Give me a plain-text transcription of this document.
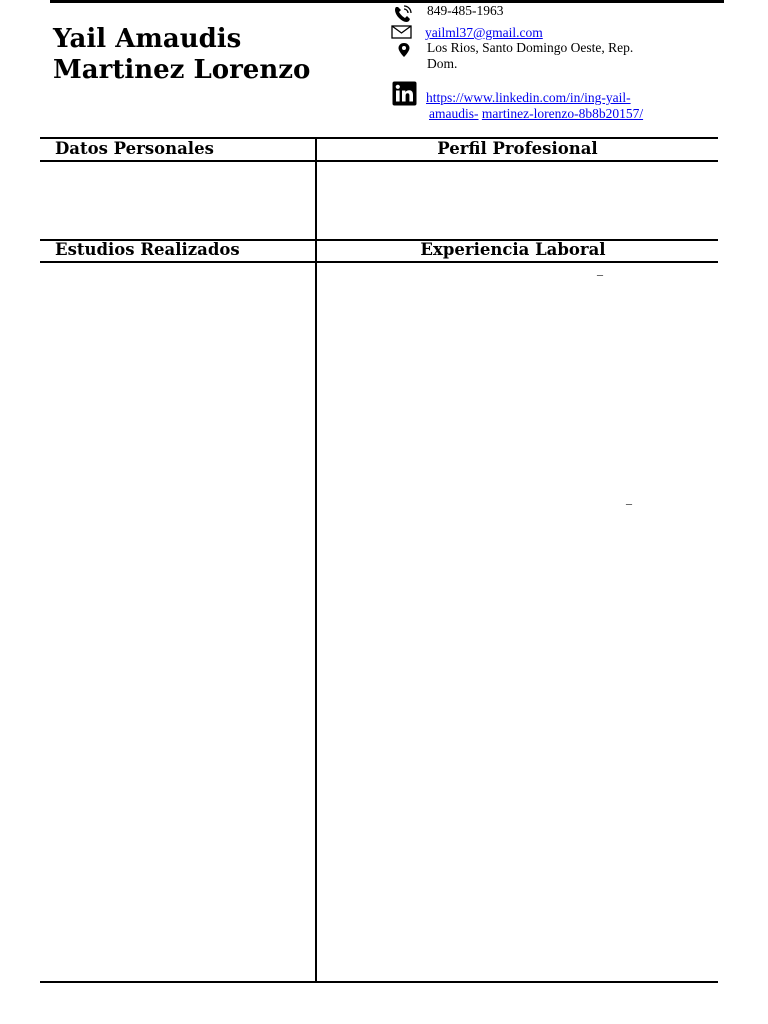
Yail Amaudis
Martinez Lorenzo
849-485-1963
yailml37@gmail.com
Los Rios, Santo Domingo Oeste, Rep.
Dom.
https://www.linkedin.com/in/ing-yail-
amaudis- martinez-lorenzo-8b8b20157/
Datos Personales	Perfil Profesional
Estudios Realizados	Experiencia Laboral
_
_
